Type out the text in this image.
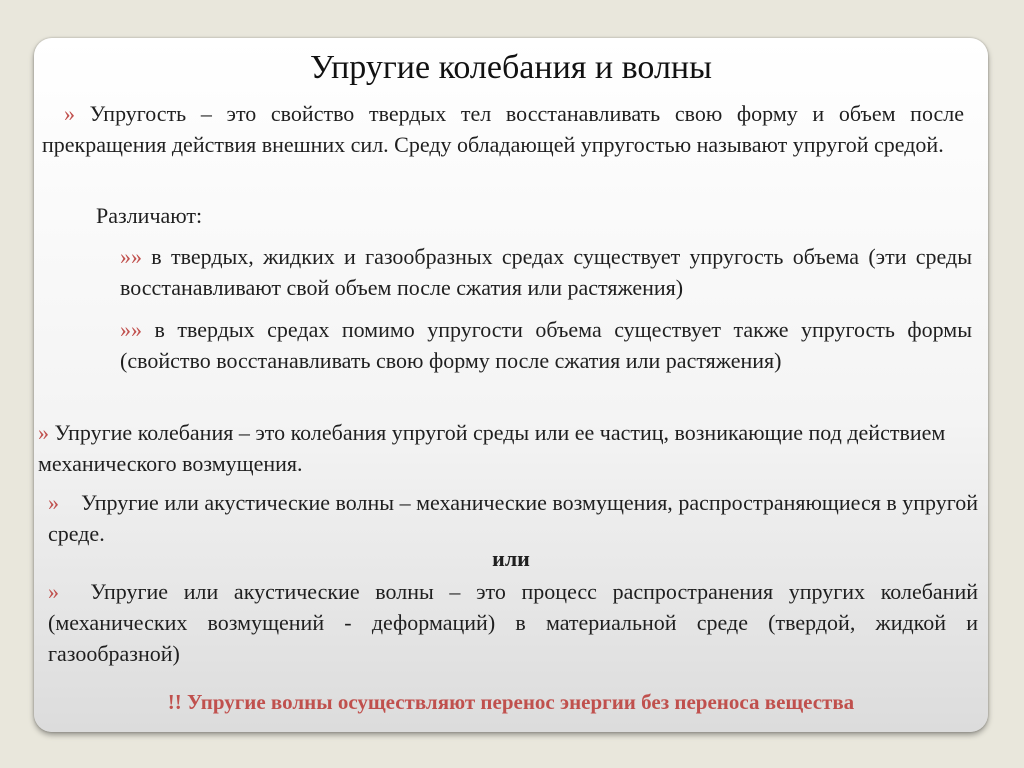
Упругие колебания и волны
» Упругость – это свойство твердых тел восстанавливать свою форму и объем после прекращения действия внешних сил. Среду обладающей упругостью называют упругой средой.
Различают:
»» в твердых, жидких и газообразных средах существует упругость объема (эти среды восстанавливают свой объем после сжатия или растяжения)
»» в твердых средах помимо упругости объема существует также упругость формы (свойство восстанавливать свою форму после сжатия или растяжения)
» Упругие колебания – это колебания упругой среды или ее частиц, возникающие под действием механического возмущения.
» Упругие или акустические волны – механические возмущения, распространяющиеся в упругой среде.
или
» Упругие или акустические волны – это процесс распространения упругих колебаний (механических возмущений - деформаций) в материальной среде (твердой, жидкой и газообразной)
!! Упругие волны осуществляют перенос энергии без переноса вещества
